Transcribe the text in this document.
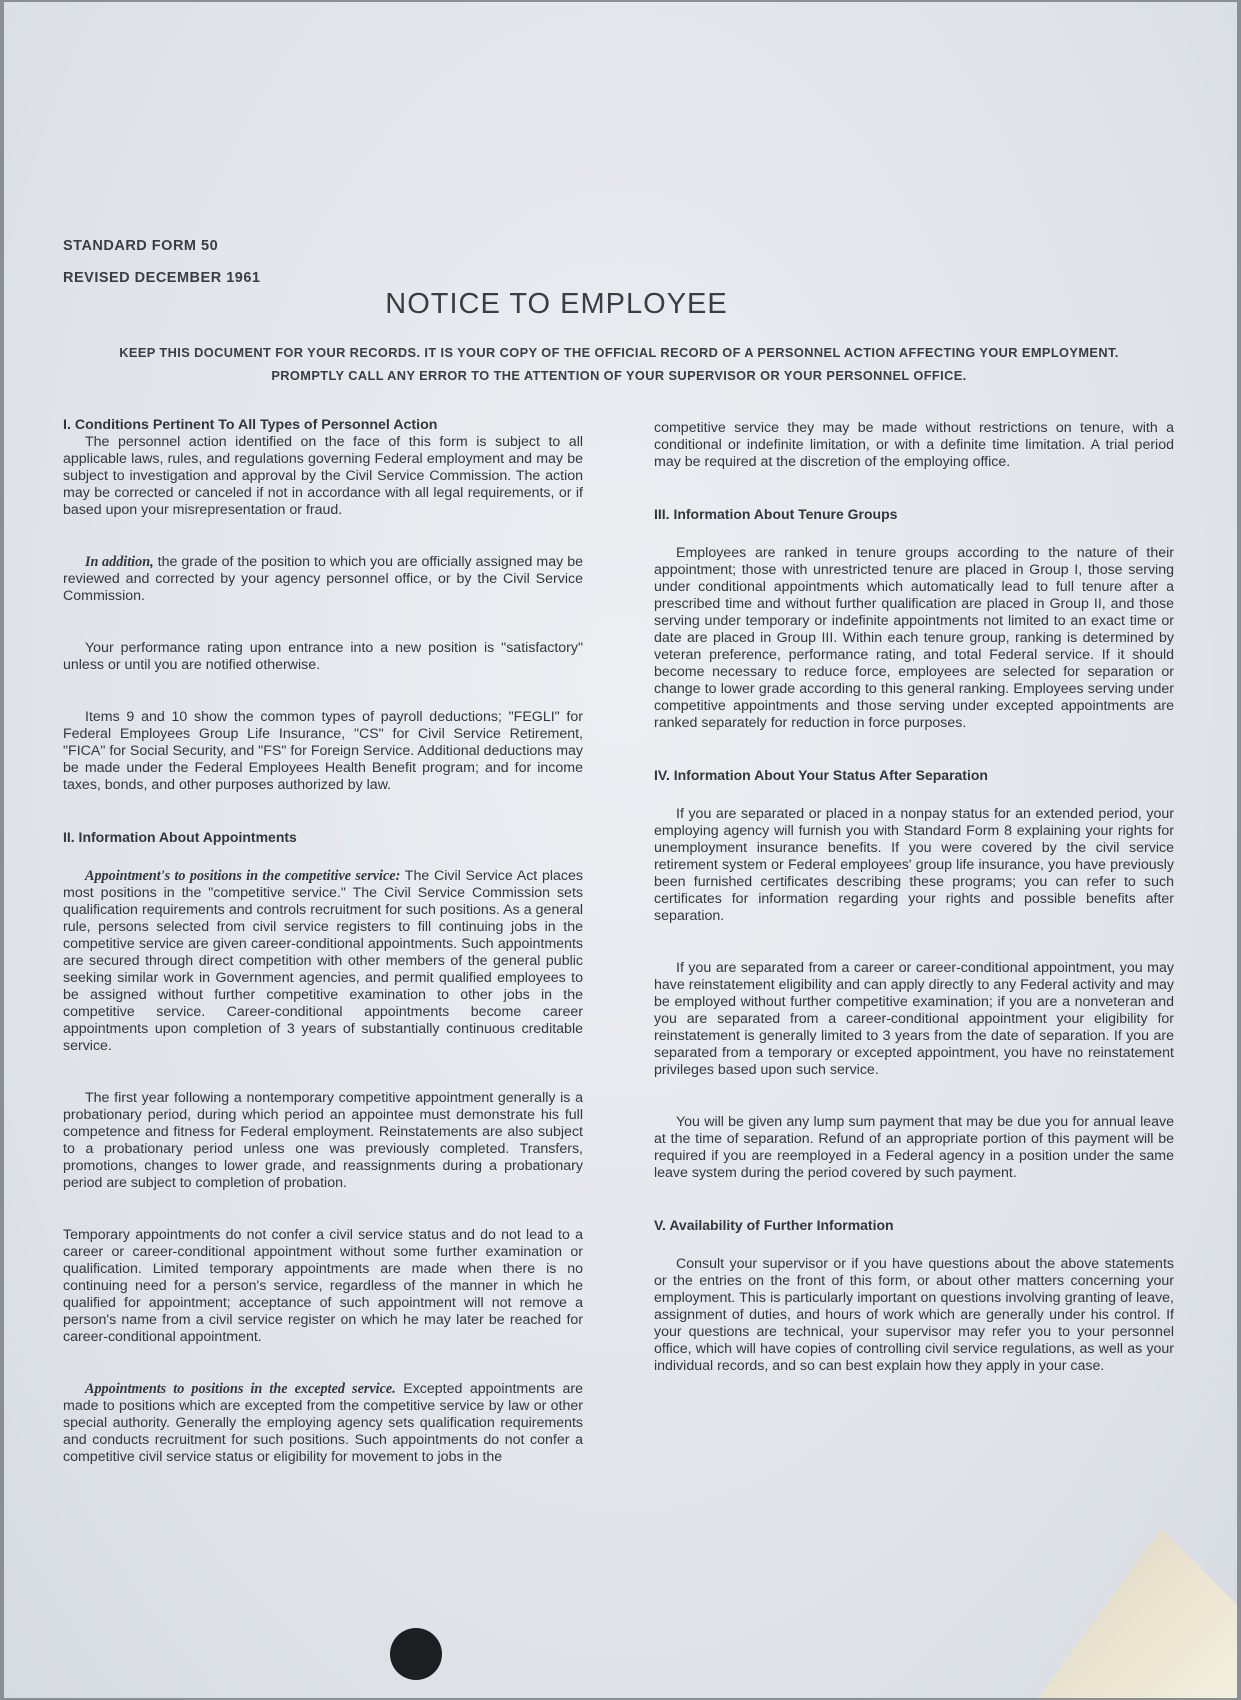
STANDARD FORM 50
REVISED DECEMBER 1961
NOTICE TO EMPLOYEE
KEEP THIS DOCUMENT FOR YOUR RECORDS. IT IS YOUR COPY OF THE OFFICIAL RECORD OF A PERSONNEL ACTION AFFECTING YOUR EMPLOYMENT.
PROMPTLY CALL ANY ERROR TO THE ATTENTION OF YOUR SUPERVISOR OR YOUR PERSONNEL OFFICE.
I. Conditions Pertinent To All Types of Personnel Action

The personnel action identified on the face of this form is subject to all applicable laws, rules, and regulations governing Federal employment and may be subject to investigation and approval by the Civil Service Commission. The action may be corrected or canceled if not in accordance with all legal requirements, or if based upon your misrepresentation or fraud.

In addition, the grade of the position to which you are officially assigned may be reviewed and corrected by your agency personnel office, or by the Civil Service Commission.

Your performance rating upon entrance into a new position is "satisfactory" unless or until you are notified otherwise.

Items 9 and 10 show the common types of payroll deductions; "FEGLI" for Federal Employees Group Life Insurance, "CS" for Civil Service Retirement, "FICA" for Social Security, and "FS" for Foreign Service. Additional deductions may be made under the Federal Employees Health Benefit program; and for income taxes, bonds, and other purposes authorized by law.

II. Information About Appointments

Appointment's to positions in the competitive service: The Civil Service Act places most positions in the "competitive service." The Civil Service Commission sets qualification requirements and controls recruitment for such positions. As a general rule, persons selected from civil service registers to fill continuing jobs in the competitive service are given career-conditional appointments. Such appointments are secured through direct competition with other members of the general public seeking similar work in Government agencies, and permit qualified employees to be assigned without further competitive examination to other jobs in the competitive service. Career-conditional appointments become career appointments upon completion of 3 years of substantially continuous creditable service.

The first year following a nontemporary competitive appointment generally is a probationary period, during which period an appointee must demonstrate his full competence and fitness for Federal employment. Reinstatements are also subject to a probationary period unless one was previously completed. Transfers, promotions, changes to lower grade, and reassignments during a probationary period are subject to completion of probation.

Temporary appointments do not confer a civil service status and do not lead to a career or career-conditional appointment without some further examination or qualification. Limited temporary appointments are made when there is no continuing need for a person's service, regardless of the manner in which he qualified for appointment; acceptance of such appointment will not remove a person's name from a civil service register on which he may later be reached for career-conditional appointment.

Appointments to positions in the excepted service. Excepted appointments are made to positions which are excepted from the competitive service by law or other special authority. Generally the employing agency sets qualification requirements and conducts recruitment for such positions. Such appointments do not confer a competitive civil service status or eligibility for movement to jobs in the

competitive service they may be made without restrictions on tenure, with a conditional or indefinite limitation, or with a definite time limitation. A trial period may be required at the discretion of the employing office.

III. Information About Tenure Groups

Employees are ranked in tenure groups according to the nature of their appointment; those with unrestricted tenure are placed in Group I, those serving under conditional appointments which automatically lead to full tenure after a prescribed time and without further qualification are placed in Group II, and those serving under temporary or indefinite appointments not limited to an exact time or date are placed in Group III. Within each tenure group, ranking is determined by veteran preference, performance rating, and total Federal service. If it should become necessary to reduce force, employees are selected for separation or change to lower grade according to this general ranking. Employees serving under competitive appointments and those serving under excepted appointments are ranked separately for reduction in force purposes.

IV. Information About Your Status After Separation

If you are separated or placed in a nonpay status for an extended period, your employing agency will furnish you with Standard Form 8 explaining your rights for unemployment insurance benefits. If you were covered by the civil service retirement system or Federal employees' group life insurance, you have previously been furnished certificates describing these programs; you can refer to such certificates for information regarding your rights and possible benefits after separation.

If you are separated from a career or career-conditional appointment, you may have reinstatement eligibility and can apply directly to any Federal activity and may be employed without further competitive examination; if you are a nonveteran and you are separated from a career-conditional appointment your eligibility for reinstatement is generally limited to 3 years from the date of separation. If you are separated from a temporary or excepted appointment, you have no reinstatement privileges based upon such service.

You will be given any lump sum payment that may be due you for annual leave at the time of separation. Refund of an appropriate portion of this payment will be required if you are reemployed in a Federal agency in a position under the same leave system during the period covered by such payment.

V. Availability of Further Information

Consult your supervisor or if you have questions about the above statements or the entries on the front of this form, or about other matters concerning your employment. This is particularly important on questions involving granting of leave, assignment of duties, and hours of work which are generally under his control. If your questions are technical, your supervisor may refer you to your personnel office, which will have copies of controlling civil service regulations, as well as your individual records, and so can best explain how they apply in your case.
